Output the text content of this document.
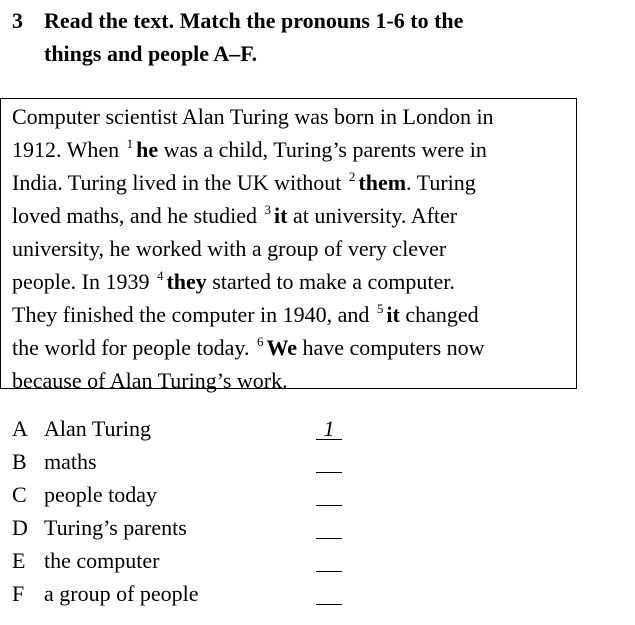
3 Read the text. Match the pronouns 1-6 to the
things and people A–F.
Computer scientist Alan Turing was born in London in
1912. When $^1$ he was a child, Turing’s parents were in
India. Turing lived in the UK without $^2$ them. Turing
loved maths, and he studied $^3$ it at university. After
university, he worked with a group of very clever
people. In 1939 $^4$ they started to make a computer.
They finished the computer in 1940, and $^5$ it changed
the world for people today. $^6$ We have computers now
because of Alan Turing’s work.
A Alan Turing	1
B maths
C people today
D Turing’s parents
E the computer
F a group of people
